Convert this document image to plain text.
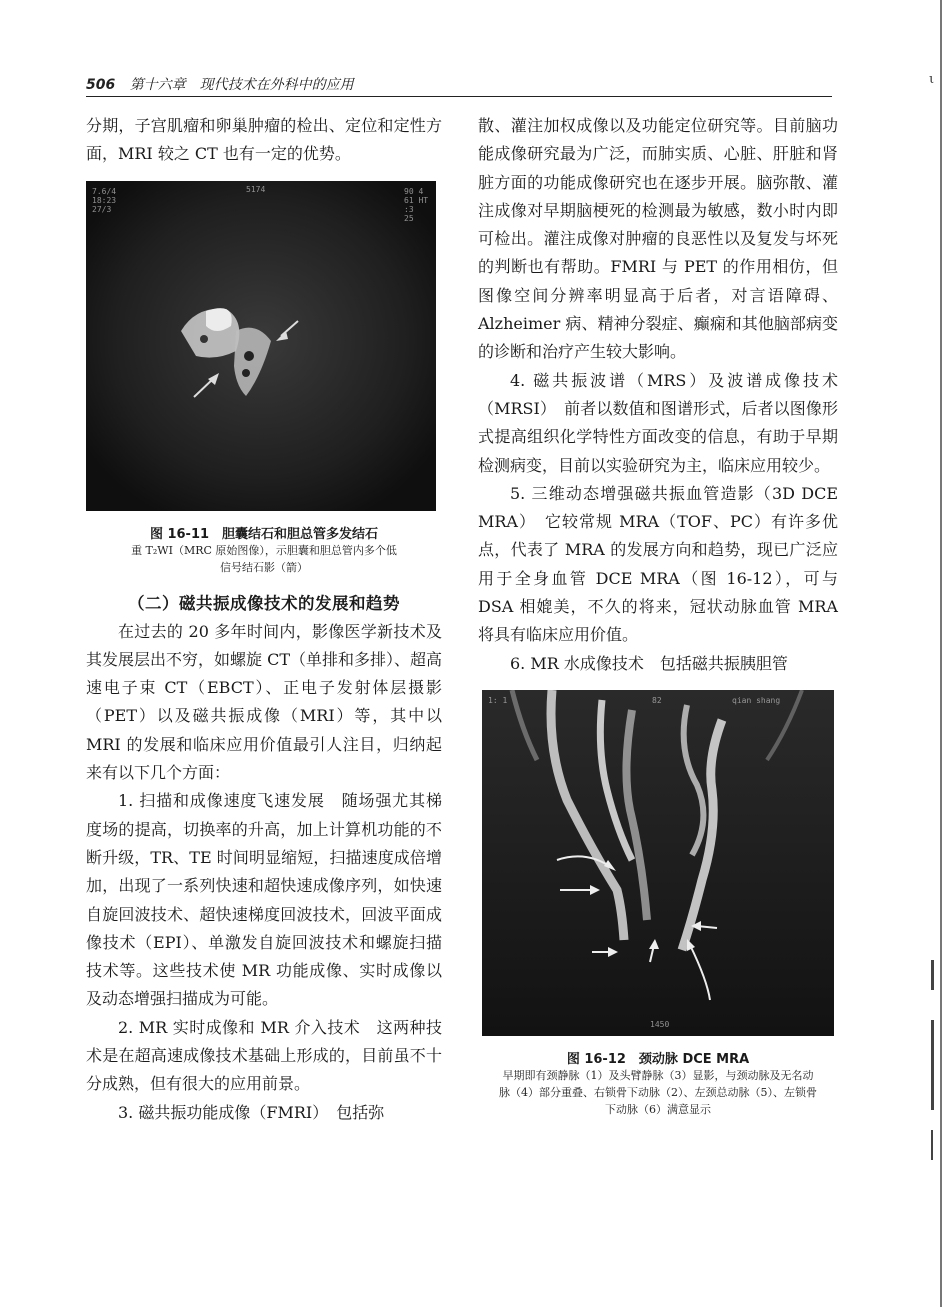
506 第十六章　现代技术在外科中的应用	ι

分期，子宫肌瘤和卵巢肿瘤的检出、定位和定性方面，MRI 较之 CT 也有一定的优势。

7.6/4
18:23
27/3
5174	90 4
61 HT
:3
25
图 16-11　胆囊结石和胆总管多发结石
重 T₂WI（MRC 原始图像），示胆囊和胆总管内多个低信号结石影（箭）
（二）磁共振成像技术的发展和趋势

在过去的 20 多年时间内，影像医学新技术及其发展层出不穷，如螺旋 CT（单排和多排）、超高速电子束 CT（EBCT）、正电子发射体层摄影（PET）以及磁共振成像（MRI）等，其中以 MRI 的发展和临床应用价值最引人注目，归纳起来有以下几个方面：

1. 扫描和成像速度飞速发展　随场强尤其梯度场的提高，切换率的升高，加上计算机功能的不断升级，TR、TE 时间明显缩短，扫描速度成倍增加，出现了一系列快速和超快速成像序列，如快速自旋回波技术、超快速梯度回波技术，回波平面成像技术（EPI）、单激发自旋回波技术和螺旋扫描技术等。这些技术使 MR 功能成像、实时成像以及动态增强扫描成为可能。

2. MR 实时成像和 MR 介入技术　这两种技术是在超高速成像技术基础上形成的，目前虽不十分成熟，但有很大的应用前景。

3. 磁共振功能成像（FMRI）　包括弥

散、灌注加权成像以及功能定位研究等。目前脑功能成像研究最为广泛，而肺实质、心脏、肝脏和肾脏方面的功能成像研究也在逐步开展。脑弥散、灌注成像对早期脑梗死的检测最为敏感，数小时内即可检出。灌注成像对肿瘤的良恶性以及复发与坏死的判断也有帮助。FMRI 与 PET 的作用相仿，但图像空间分辨率明显高于后者，对言语障碍、Alzheimer 病、精神分裂症、癫痫和其他脑部病变的诊断和治疗产生较大影响。

4. 磁共振波谱（MRS）及波谱成像技术（MRSI）　前者以数值和图谱形式，后者以图像形式提高组织化学特性方面改变的信息，有助于早期检测病变，目前以实验研究为主，临床应用较少。

5. 三维动态增强磁共振血管造影（3D DCE MRA）　它较常规 MRA（TOF、PC）有许多优点，代表了 MRA 的发展方向和趋势，现已广泛应用于全身血管 DCE MRA（图 16-12），可与 DSA 相媲美，不久的将来，冠状动脉血管 MRA 将具有临床应用价值。

6. MR 水成像技术　包括磁共振胰胆管

1: 1	82	qian shang
1450
图 16-12　颈动脉 DCE MRA
早期即有颈静脉（1）及头臂静脉（3）显影，与颈动脉及无名动脉（4）部分重叠、右锁骨下动脉（2）、左颈总动脉（5）、左锁骨下动脉（6）满意显示
